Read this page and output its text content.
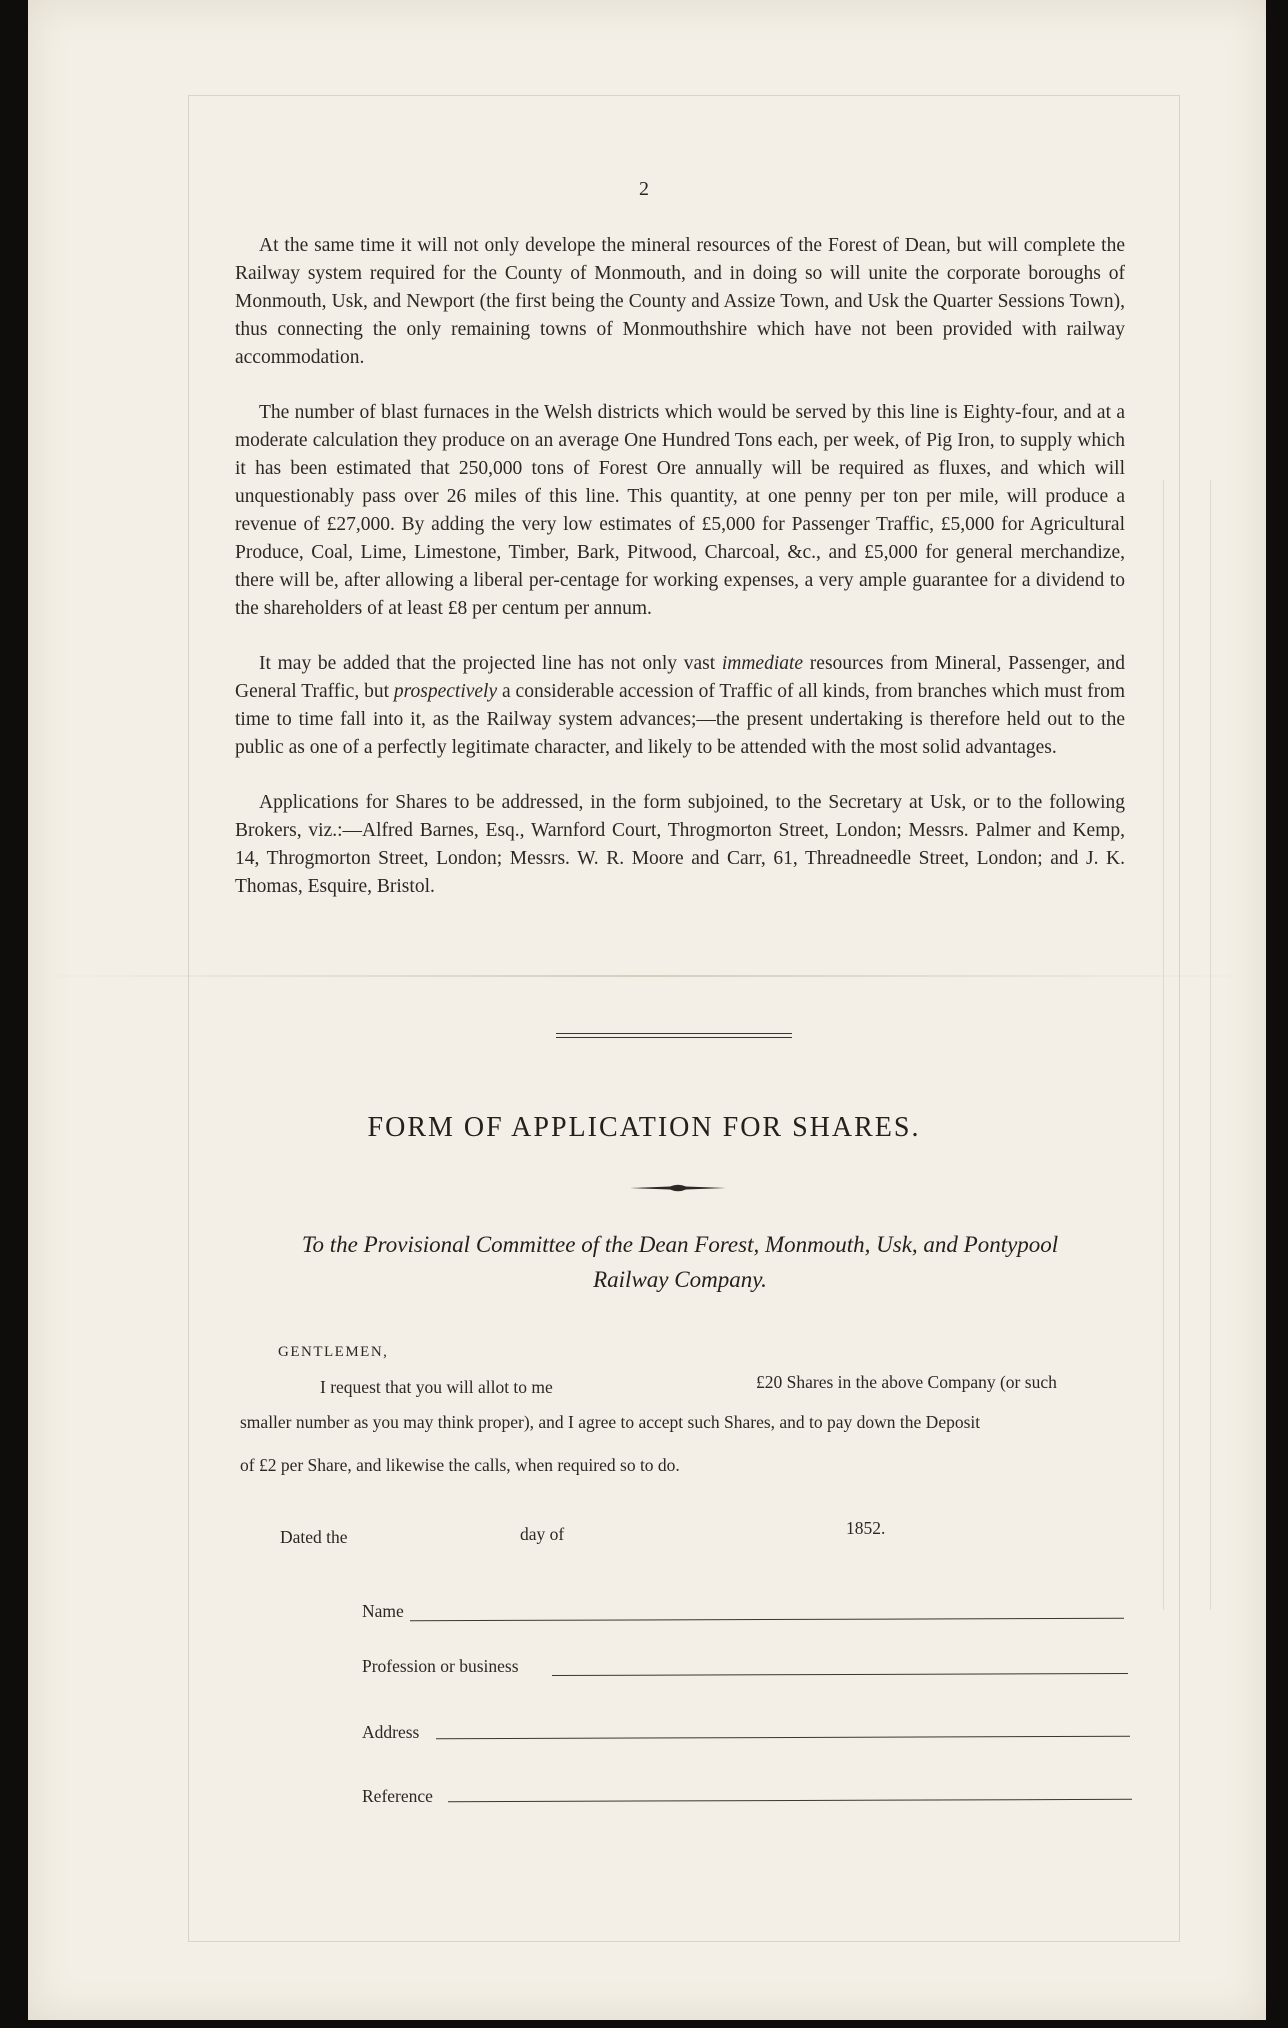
2

At the same time it will not only develope the mineral resources of the Forest of Dean, but will complete the Railway system required for the County of Monmouth, and in doing so will unite the corporate boroughs of Monmouth, Usk, and Newport (the first being the County and Assize Town, and Usk the Quarter Sessions Town), thus connecting the only remaining towns of Monmouthshire which have not been provided with railway accommodation.

The number of blast furnaces in the Welsh districts which would be served by this line is Eighty-four, and at a moderate calculation they produce on an average One Hundred Tons each, per week, of Pig Iron, to supply which it has been estimated that 250,000 tons of Forest Ore annually will be required as fluxes, and which will unquestionably pass over 26 miles of this line. This quantity, at one penny per ton per mile, will produce a revenue of £27,000. By adding the very low estimates of £5,000 for Passenger Traffic, £5,000 for Agricultural Produce, Coal, Lime, Limestone, Timber, Bark, Pitwood, Charcoal, &c., and £5,000 for general merchandize, there will be, after allowing a liberal per-centage for working expenses, a very ample guarantee for a dividend to the shareholders of at least £8 per centum per annum.

It may be added that the projected line has not only vast immediate resources from Mineral, Passenger, and General Traffic, but prospectively a considerable accession of Traffic of all kinds, from branches which must from time to time fall into it, as the Railway system advances;—the present undertaking is therefore held out to the public as one of a perfectly legitimate character, and likely to be attended with the most solid advantages.

Applications for Shares to be addressed, in the form subjoined, to the Secretary at Usk, or to the following Brokers, viz.:—Alfred Barnes, Esq., Warnford Court, Throgmorton Street, London; Messrs. Palmer and Kemp, 14, Throgmorton Street, London; Messrs. W. R. Moore and Carr, 61, Threadneedle Street, London; and J. K. Thomas, Esquire, Bristol.

FORM OF APPLICATION FOR SHARES.
To the Provisional Committee of the Dean Forest, Monmouth, Usk, and Pontypool
Railway Company.
GENTLEMEN,
I request that you will allot to me	£20 Shares in the above Company (or such
smaller number as you may think proper), and I agree to accept such Shares, and to pay down the Deposit
of £2 per Share, and likewise the calls, when required so to do.
Dated the	day of	1852.
Name
Profession or business
Address
Reference
